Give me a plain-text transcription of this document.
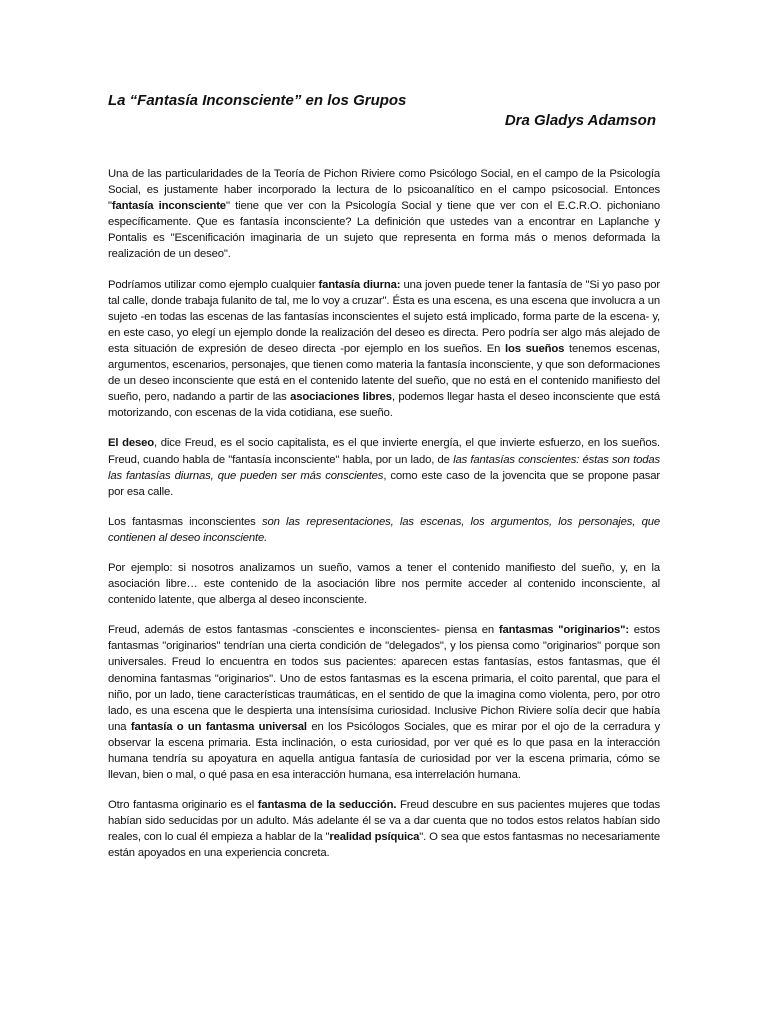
La “Fantasía Inconsciente” en los Grupos
Dra Gladys Adamson

Una de las particularidades de la Teoría de Pichon Riviere como Psicólogo Social, en el campo de la Psicología Social, es justamente haber incorporado la lectura de lo psicoanalítico en el campo psicosocial. Entonces "fantasía inconsciente" tiene que ver con la Psicología Social y tiene que ver con el E.C.R.O. pichoniano específicamente. Que es fantasía inconsciente? La definición que ustedes van a encontrar en Laplanche y Pontalis es "Escenificación imaginaria de un sujeto que representa en forma más o menos deformada la realización de un deseo".

Podríamos utilizar como ejemplo cualquier fantasía diurna: una joven puede tener la fantasía de "Si yo paso por tal calle, donde trabaja fulanito de tal, me lo voy a cruzar". Ésta es una escena, es una escena que involucra a un sujeto -en todas las escenas de las fantasías inconscientes el sujeto está implicado, forma parte de la escena- y, en este caso, yo elegí un ejemplo donde la realización del deseo es directa. Pero podría ser algo más alejado de esta situación de expresión de deseo directa -por ejemplo en los sueños. En los sueños tenemos escenas, argumentos, escenarios, personajes, que tienen como materia la fantasía inconsciente, y que son deformaciones de un deseo inconsciente que está en el contenido latente del sueño, que no está en el contenido manifiesto del sueño, pero, nadando a partir de las asociaciones libres, podemos llegar hasta el deseo inconsciente que está motorizando, con escenas de la vida cotidiana, ese sueño.

El deseo, dice Freud, es el socio capitalista, es el que invierte energía, el que invierte esfuerzo, en los sueños. Freud, cuando habla de "fantasía inconsciente" habla, por un lado, de las fantasías conscientes: éstas son todas las fantasías diurnas, que pueden ser más conscientes, como este caso de la jovencita que se propone pasar por esa calle.

Los fantasmas inconscientes son las representaciones, las escenas, los argumentos, los personajes, que contienen al deseo inconsciente.

Por ejemplo: si nosotros analizamos un sueño, vamos a tener el contenido manifiesto del sueño, y, en la asociación libre… este contenido de la asociación libre nos permite acceder al contenido inconsciente, al contenido latente, que alberga al deseo inconsciente.

Freud, además de estos fantasmas -conscientes e inconscientes- piensa en fantasmas "originarios": estos fantasmas "originarios" tendrían una cierta condición de "delegados", y los piensa como "originarios" porque son universales. Freud lo encuentra en todos sus pacientes: aparecen estas fantasías, estos fantasmas, que él denomina fantasmas "originarios". Uno de estos fantasmas es la escena primaria, el coito parental, que para el niño, por un lado, tiene características traumáticas, en el sentido de que la imagina como violenta, pero, por otro lado, es una escena que le despierta una intensísima curiosidad. Inclusive Pichon Riviere solía decir que había una fantasía o un fantasma universal en los Psicólogos Sociales, que es mirar por el ojo de la cerradura y observar la escena primaria. Esta inclinación, o esta curiosidad, por ver qué es lo que pasa en la interacción humana tendría su apoyatura en aquella antigua fantasía de curiosidad por ver la escena primaria, cómo se llevan, bien o mal, o qué pasa en esa interacción humana, esa interrelación humana.

Otro fantasma originario es el fantasma de la seducción. Freud descubre en sus pacientes mujeres que todas habían sido seducidas por un adulto. Más adelante él se va a dar cuenta que no todos estos relatos habían sido reales, con lo cual él empieza a hablar de la "realidad psíquica". O sea que estos fantasmas no necesariamente están apoyados en una experiencia concreta.
